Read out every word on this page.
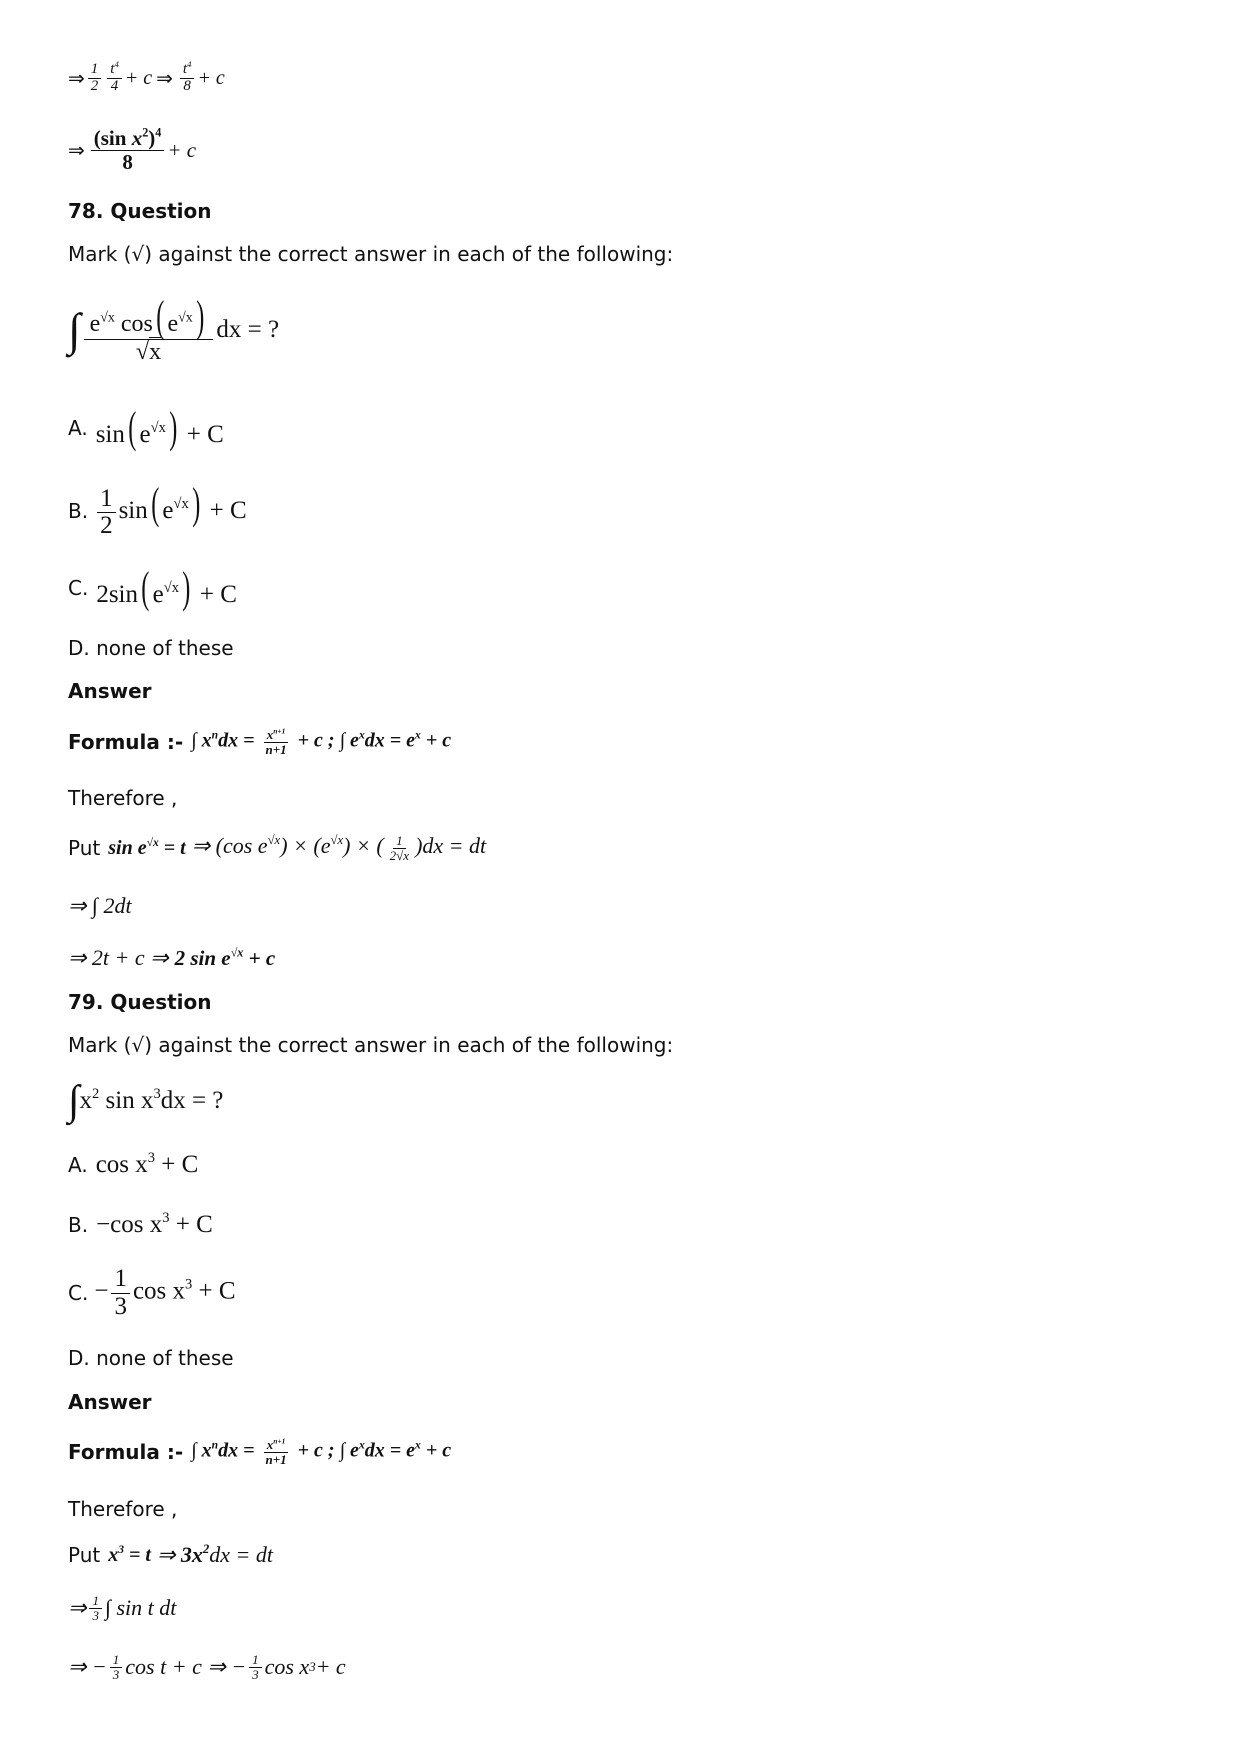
⇒ $\frac{1}{2} \frac{t^4}{4} + c$ ⇒ $\frac{t^4}{8} + c$
⇒ $\frac{(\sin x^2)^4}{8} + c$
78. Question
Mark (√) against the correct answer in each of the following:
∫ $\frac{e^{√x} \cos( e^{√x})}{√x}$ dx = ?
A. sin( $e^{√x}) + C$
B. $\frac{1}{2} \sin$( $e^{√x}) + C$
C. 2sin( $e^{√x}) + C$
D. none of these
Answer
Formula :- ∫ $x^ndx = \frac{x^{n+1}}{n+1} + c$ ; ∫ $e^xdx = e^x + c$
Therefore ,
Put $\sin e^{√x} = t$ ⇒ (cos $e^{√x}) \times (e^{√x})$ × ( $\frac{1}{2√x} )dx$ = dt
⇒ ∫ 2dt
⇒ 2t + c ⇒ 2 $\sin e^{√x} + c$
79. Question
Mark (√) against the correct answer in each of the following:
∫ $x^2$ $\sin x^3dx$ = ?
A. $\cos x^3 + C$
B. −cos $x^3 + C$
C. − $\frac{1}{3}$ $\cos x^3 + C$
D. none of these
Answer
Formula :- ∫ $x^ndx = \frac{x^{n+1}}{n+1} + c$ ; ∫ $e^xdx = e^x + c$
Therefore ,
Put $x^3 = t$ ⇒ $3x^2dx$ = dt
⇒ $\frac{1}{3}$ ∫ sin t dt
⇒ − $\frac{1}{3}$ cos t + c ⇒ − $\frac{1}{3}$ cos x 3 + c
